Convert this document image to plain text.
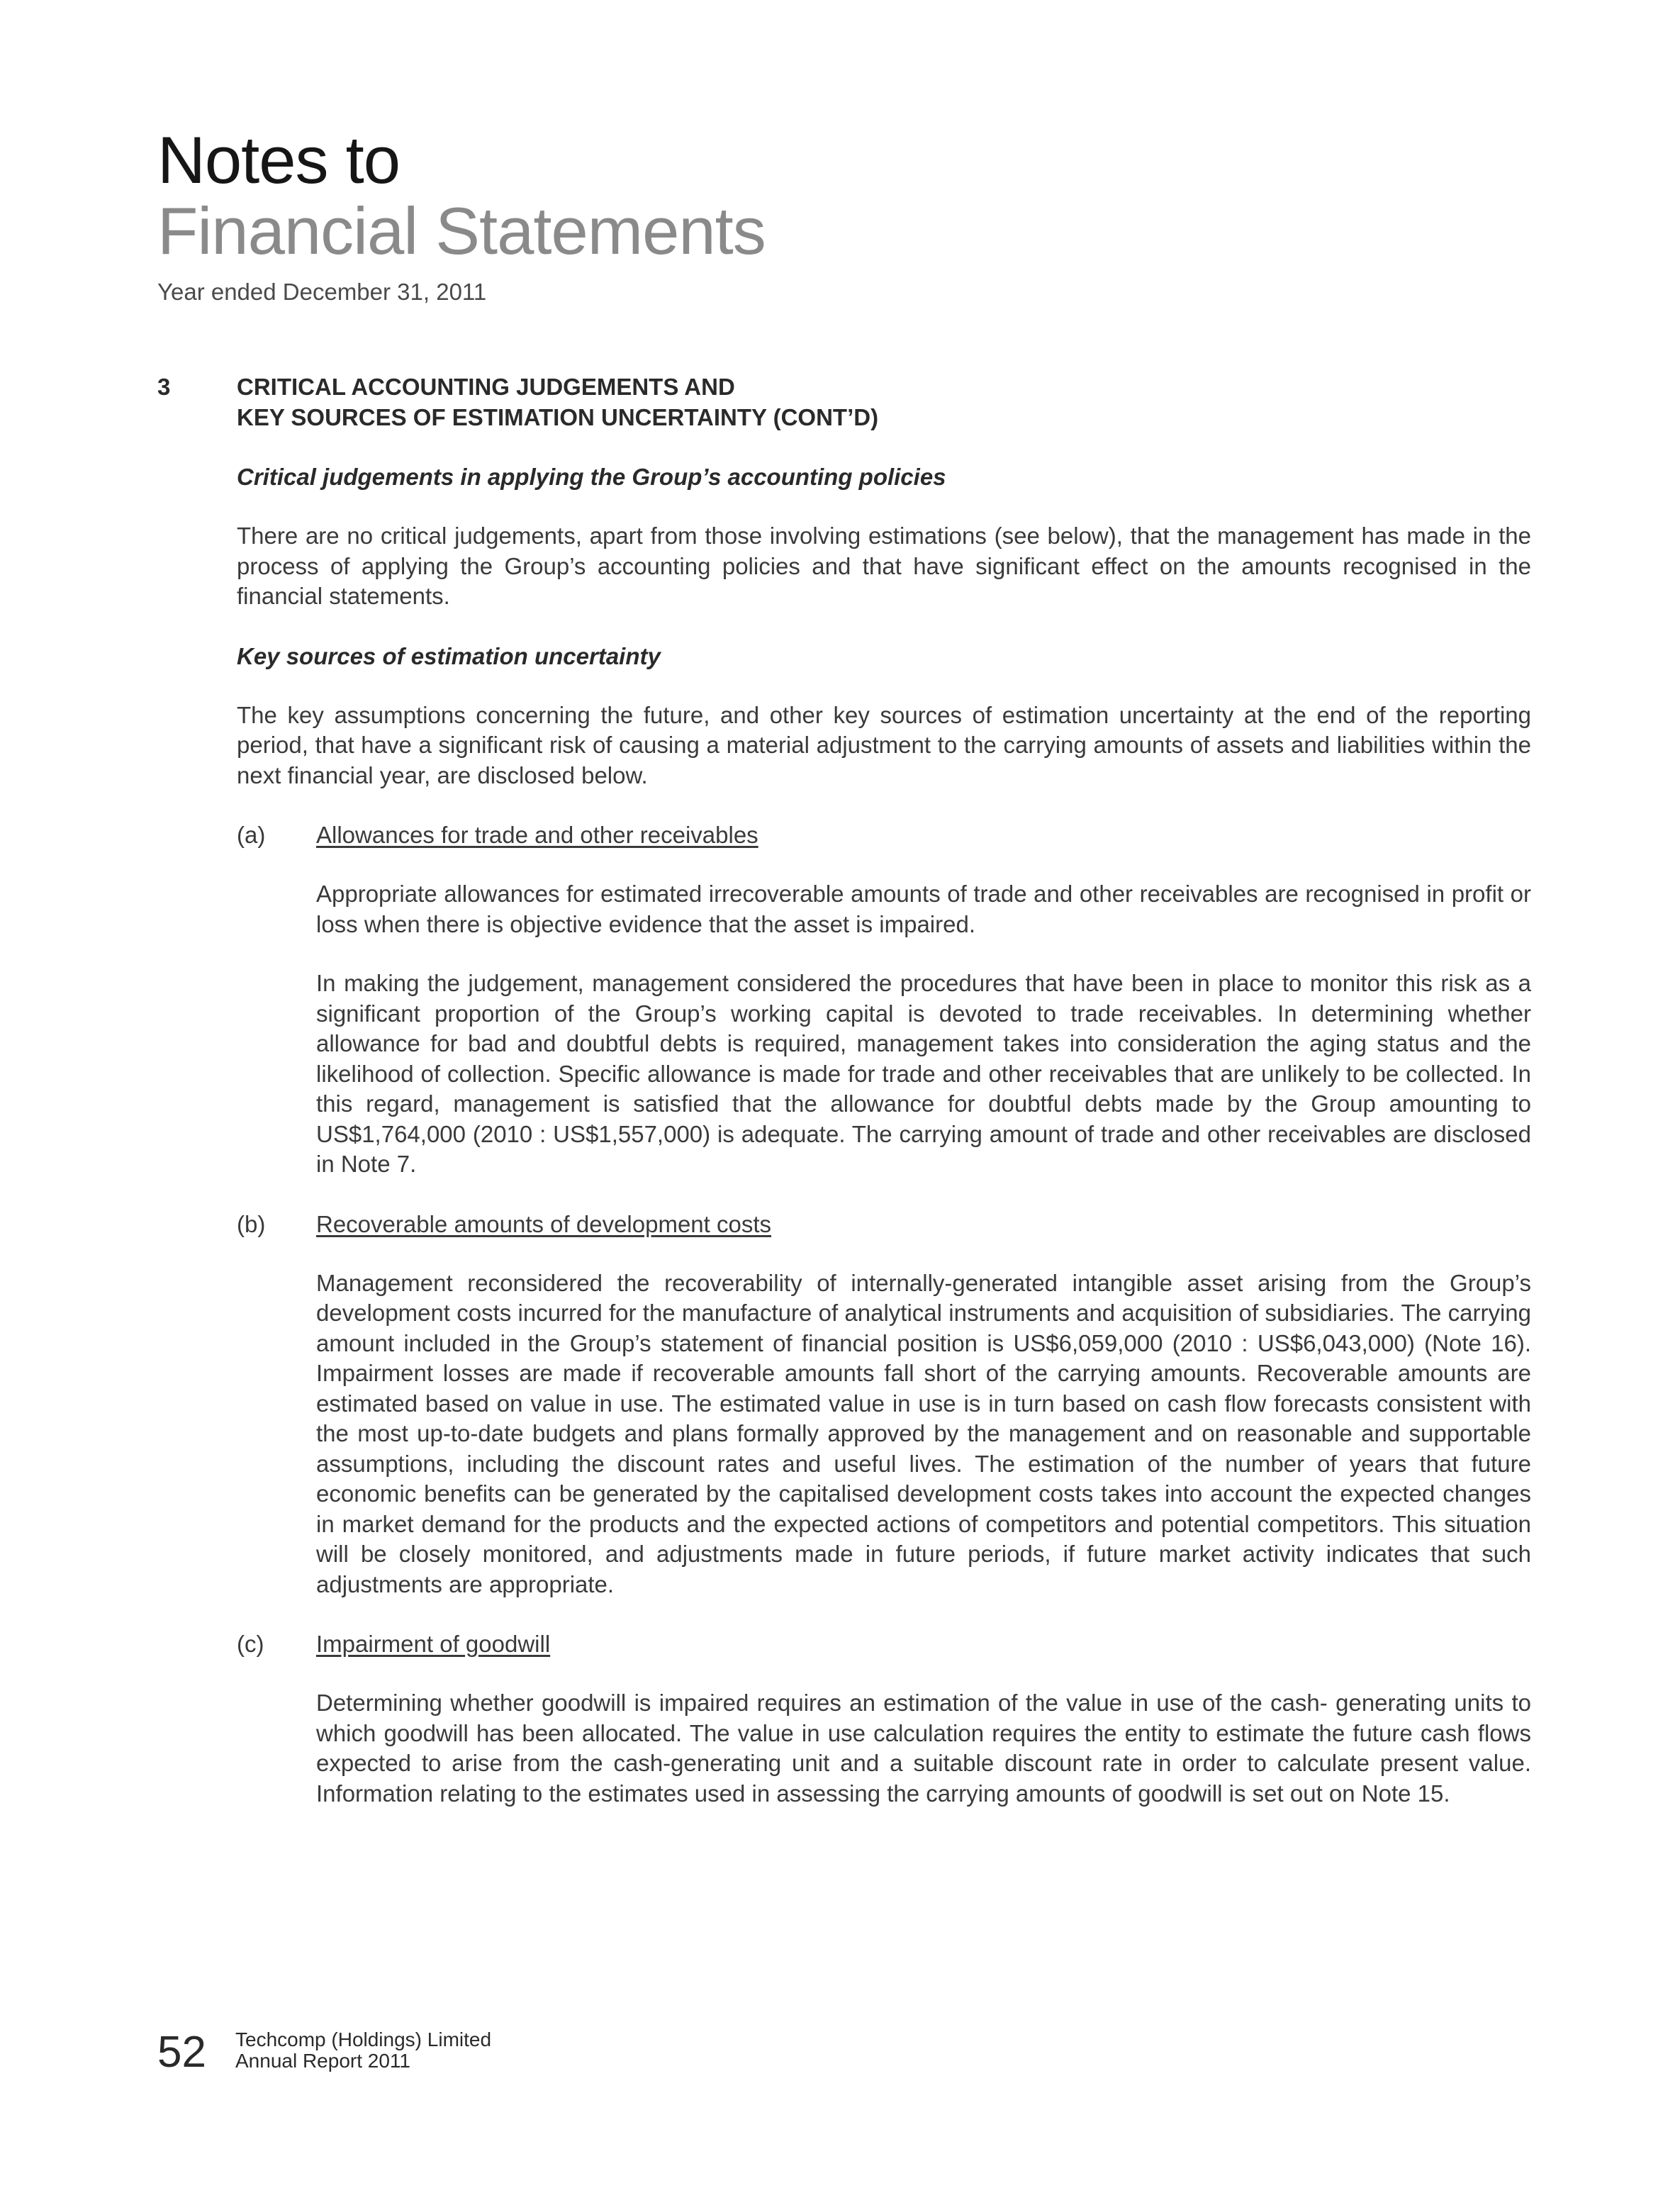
Notes to
Financial Statements
Year ended December 31, 2011
3	CRITICAL ACCOUNTING JUDGEMENTS AND
KEY SOURCES OF ESTIMATION UNCERTAINTY (CONT’D)
Critical judgements in applying the Group’s accounting policies

There are no critical judgements, apart from those involving estimations (see below), that the management has made in the process of applying the Group’s accounting policies and that have significant effect on the amounts recognised in the financial statements.

Key sources of estimation uncertainty

The key assumptions concerning the future, and other key sources of estimation uncertainty at the end of the reporting period, that have a significant risk of causing a material adjustment to the carrying amounts of assets and liabilities within the next financial year, are disclosed below.

(a) Allowances for trade and other receivables

Appropriate allowances for estimated irrecoverable amounts of trade and other receivables are recognised in profit or loss when there is objective evidence that the asset is impaired.

In making the judgement, management considered the procedures that have been in place to monitor this risk as a significant proportion of the Group’s working capital is devoted to trade receivables. In determining whether allowance for bad and doubtful debts is required, management takes into consideration the aging status and the likelihood of collection. Specific allowance is made for trade and other receivables that are unlikely to be collected. In this regard, management is satisfied that the allowance for doubtful debts made by the Group amounting to US$1,764,000 (2010 : US$1,557,000) is adequate. The carrying amount of trade and other receivables are disclosed in Note 7.

(b) Recoverable amounts of development costs

Management reconsidered the recoverability of internally-generated intangible asset arising from the Group’s development costs incurred for the manufacture of analytical instruments and acquisition of subsidiaries. The carrying amount included in the Group’s statement of financial position is US$6,059,000 (2010 : US$6,043,000) (Note 16). Impairment losses are made if recoverable amounts fall short of the carrying amounts. Recoverable amounts are estimated based on value in use. The estimated value in use is in turn based on cash flow forecasts consistent with the most up-to-date budgets and plans formally approved by the management and on reasonable and supportable assumptions, including the discount rates and useful lives. The estimation of the number of years that future economic benefits can be generated by the capitalised development costs takes into account the expected changes in market demand for the products and the expected actions of competitors and potential competitors. This situation will be closely monitored, and adjustments made in future periods, if future market activity indicates that such adjustments are appropriate.

(c) Impairment of goodwill

Determining whether goodwill is impaired requires an estimation of the value in use of the cash- generating units to which goodwill has been allocated. The value in use calculation requires the entity to estimate the future cash flows expected to arise from the cash-generating unit and a suitable discount rate in order to calculate present value. Information relating to the estimates used in assessing the carrying amounts of goodwill is set out on Note 15.

52 Techcomp (Holdings) Limited
Annual Report 2011
